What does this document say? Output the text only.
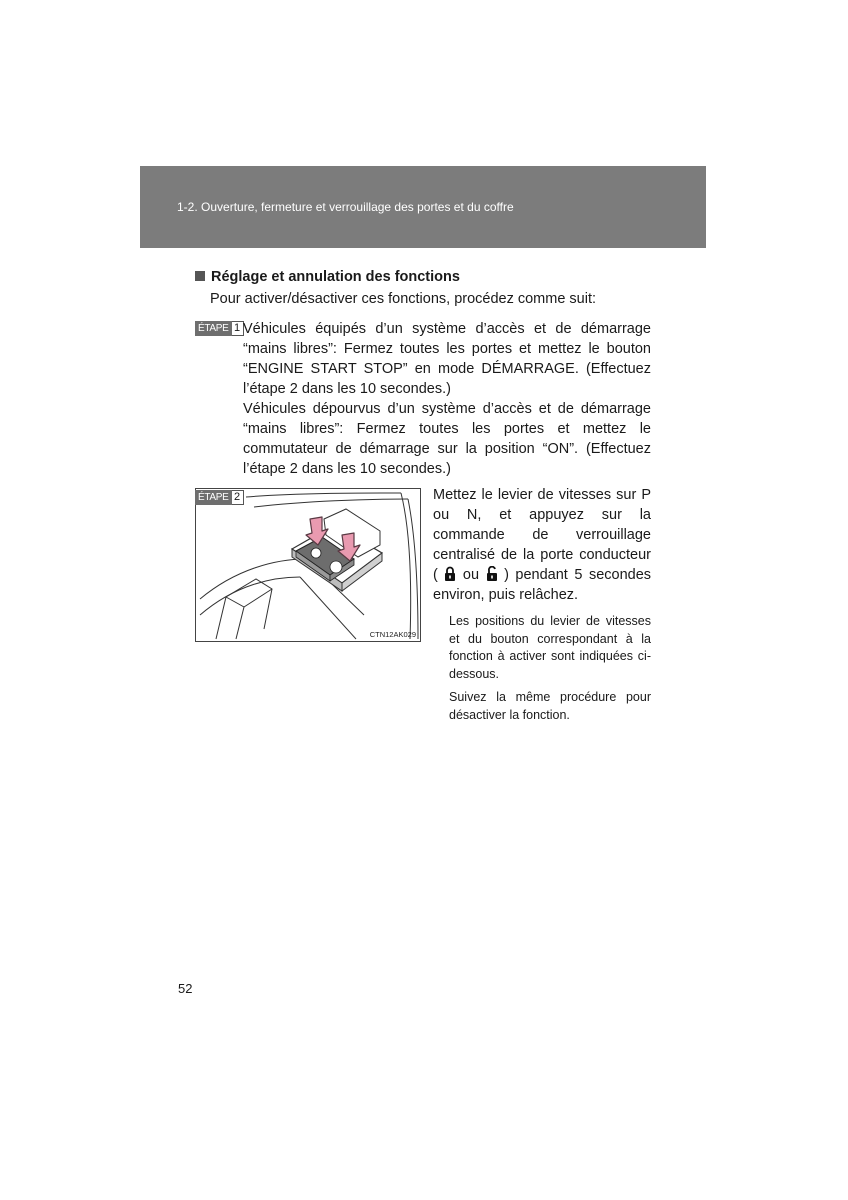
1-2. Ouverture, fermeture et verrouillage des portes et du coffre
Réglage et annulation des fonctions
Pour activer/désactiver ces fonctions, procédez comme suit:
ÉTAPE 1 Véhicules équipés d’un système d’accès et de démarrage “mains libres”: Fermez toutes les portes et mettez le bouton “ENGINE START STOP” en mode DÉMARRAGE. (Effectuez l’étape 2 dans les 10 secondes.)

Véhicules dépourvus d’un système d’accès et de démarrage “mains libres”: Fermez toutes les portes et mettez le commutateur de démarrage sur la position “ON”. (Effectuez l’étape 2 dans les 10 secondes.)

ÉTAPE 2
CTN12AK029

Mettez le levier de vitesses sur P ou N, et appuyez sur la commande de verrouillage centralisé de la porte conducteur (  ou  ) pendant 5 secondes environ, puis relâchez.

Les positions du levier de vitesses et du bouton correspondant à la fonction à activer sont indiquées ci-dessous.

Suivez la même procédure pour désactiver la fonction.

52
